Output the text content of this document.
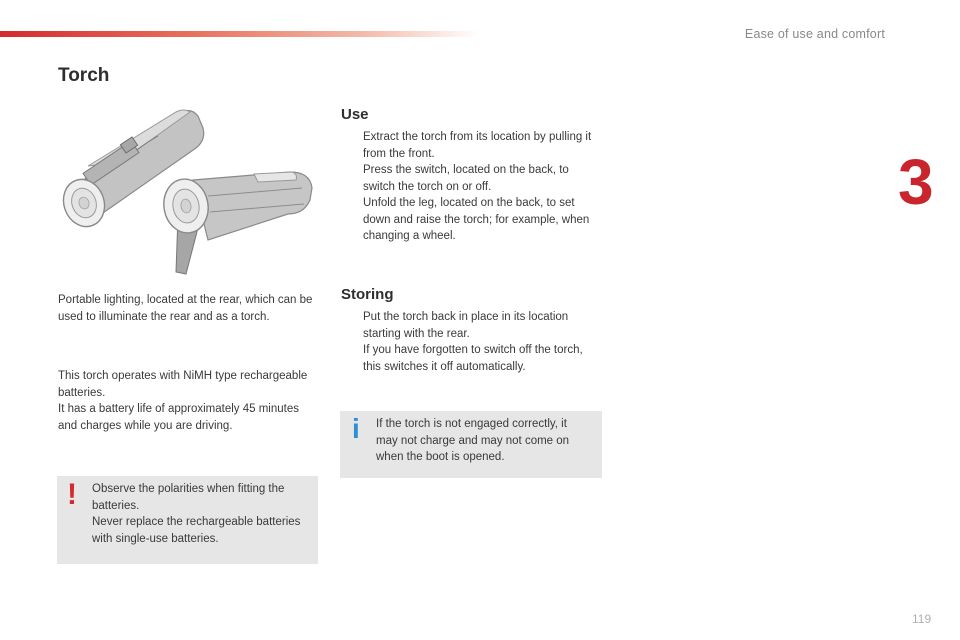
Ease of use and comfort
3
119
Torch

Portable lighting, located at the rear, which can be used to illuminate the rear and as a torch.

This torch operates with NiMH type rechargeable batteries.

It has a battery life of approximately 45 minutes and charges while you are driving.

! Observe the polarities when fitting the batteries.

Never replace the rechargeable batteries with single-use batteries.

Use
Extract the torch from its location by pulling it from the front.
Press the switch, located on the back, to switch the torch on or off.
Unfold the leg, located on the back, to set down and raise the torch; for example, when changing a wheel.
Storing
Put the torch back in place in its location starting with the rear.
If you have forgotten to switch off the torch, this switches it off automatically.
i If the torch is not engaged correctly, it may not charge and may not come on when the boot is opened.
